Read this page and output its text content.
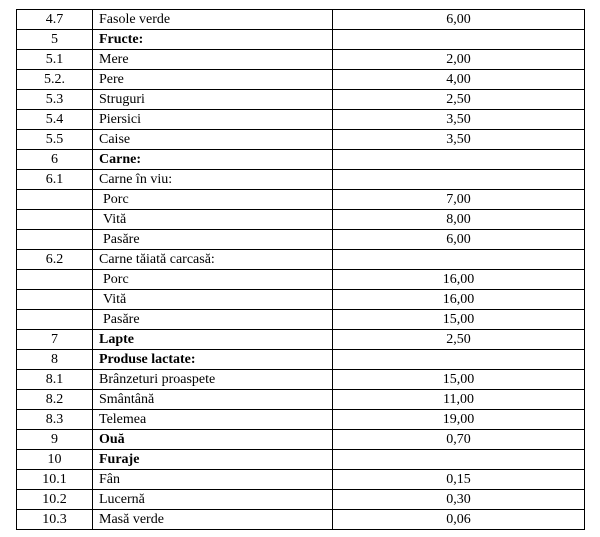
4.7	Fasole verde	6,00
5	Fructe:	
5.1	Mere	2,00
5.2.	Pere	4,00
5.3	Struguri	2,50
5.4	Piersici	3,50
5.5	Caise	3,50
6	Carne:	
6.1	Carne în viu:	
	Porc	7,00
	Vită	8,00
	Pasăre	6,00
6.2	Carne tăiată carcasă:	
	Porc	16,00
	Vită	16,00
	Pasăre	15,00
7	Lapte	2,50
8	Produse lactate:	
8.1	Brânzeturi proaspete	15,00
8.2	Smântână	11,00
8.3	Telemea	19,00
9	Ouă	0,70
10	Furaje	
10.1	Fân	0,15
10.2	Lucernă	0,30
10.3	Masă verde	0,06
